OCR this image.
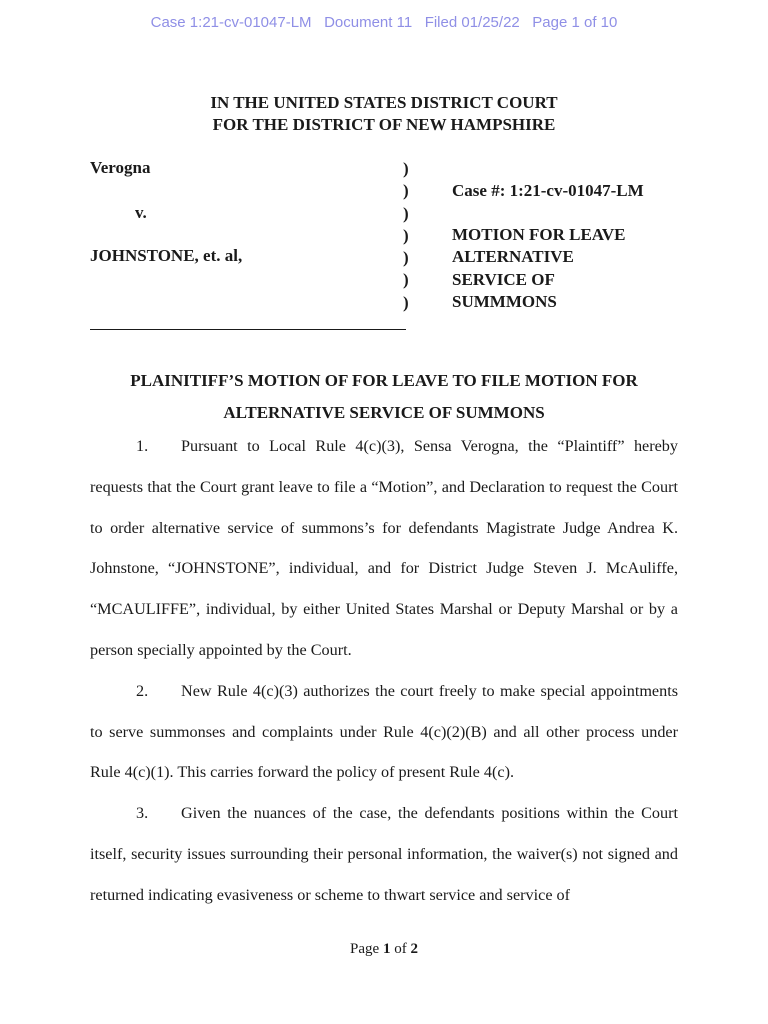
Case 1:21-cv-01047-LM Document 11 Filed 01/25/22 Page 1 of 10
IN THE UNITED STATES DISTRICT COURT
FOR THE DISTRICT OF NEW HAMPSHIRE
Verogna
v.
JOHNSTONE, et. al,
)
)
)
)
)
)
)
Case #: 1:21-cv-01047-LM
MOTION FOR LEAVE
ALTERNATIVE
SERVICE OF
SUMMMONS
PLAINITIFF’S MOTION OF FOR LEAVE TO FILE MOTION FOR
ALTERNATIVE SERVICE OF SUMMONS

1. Pursuant to Local Rule 4(c)(3), Sensa Verogna, the “Plaintiff” hereby requests that the Court grant leave to file a “Motion”, and Declaration to request the Court to order alternative service of summons’s for defendants Magistrate Judge Andrea K. Johnstone, “JOHNSTONE”, individual, and for District Judge Steven J. McAuliffe, “MCAULIFFE”, individual, by either United States Marshal or Deputy Marshal or by a person specially appointed by the Court.

2. New Rule 4(c)(3) authorizes the court freely to make special appointments to serve summonses and complaints under Rule 4(c)(2)(B) and all other process under Rule 4(c)(1). This carries forward the policy of present Rule 4(c).

3. Given the nuances of the case, the defendants positions within the Court itself, security issues surrounding their personal information, the waiver(s) not signed and returned indicating evasiveness or scheme to thwart service and service of

Page 1 of 2
